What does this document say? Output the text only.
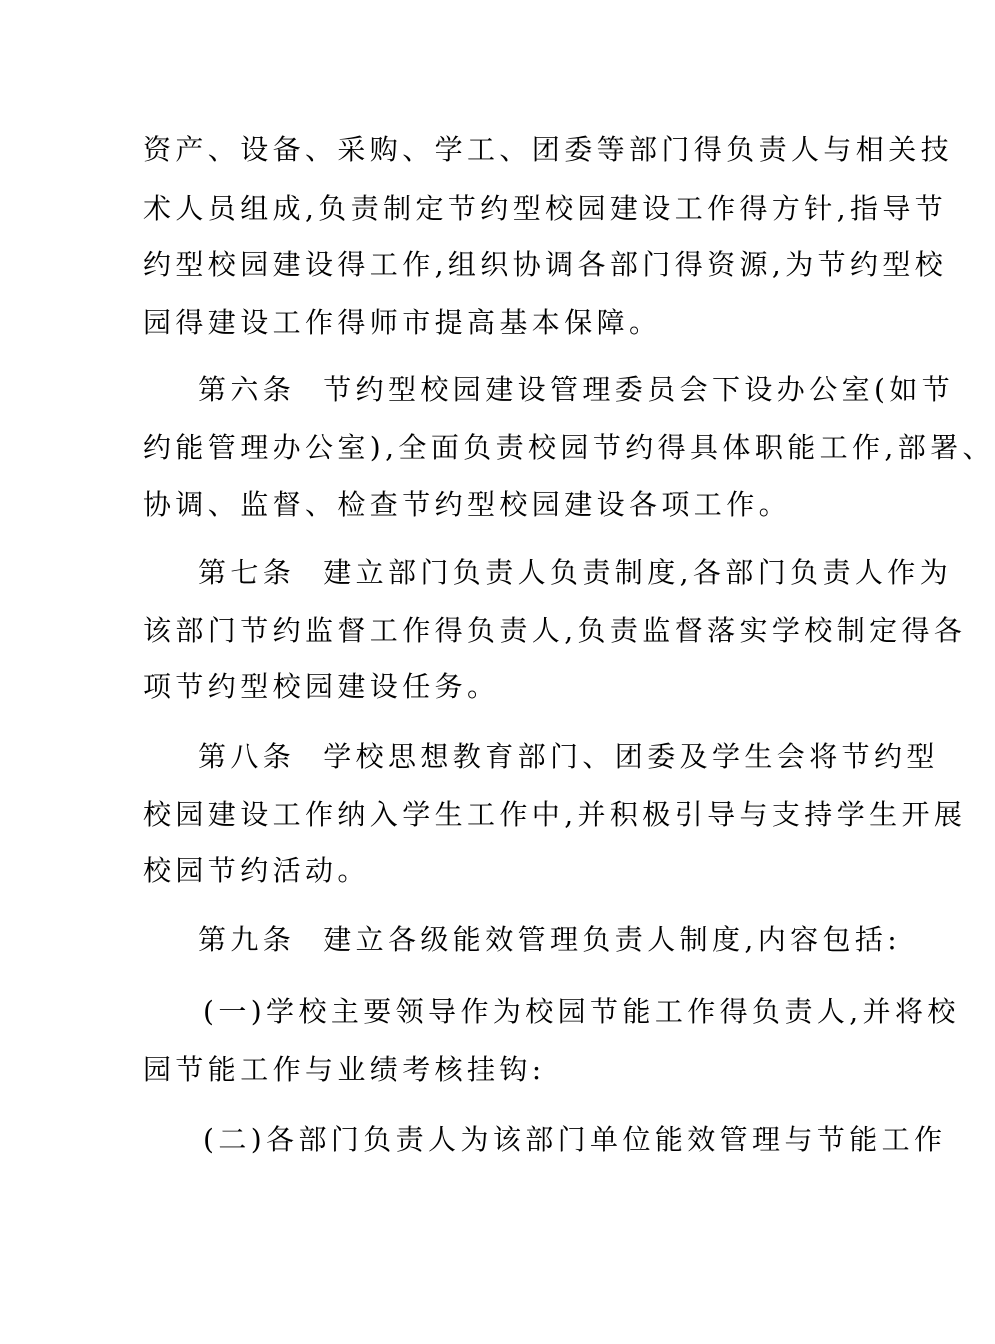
资产、设备、采购、学工、团委等部门得负责人与相关技
术人员组成,负责制定节约型校园建设工作得方针,指导节
约型校园建设得工作,组织协调各部门得资源,为节约型校
园得建设工作得师市提高基本保障。
第六条 节约型校园建设管理委员会下设办公室(如节
约能管理办公室),全面负责校园节约得具体职能工作,部署、
协调、监督、检查节约型校园建设各项工作。
第七条 建立部门负责人负责制度,各部门负责人作为
该部门节约监督工作得负责人,负责监督落实学校制定得各
项节约型校园建设任务。
第八条 学校思想教育部门、团委及学生会将节约型
校园建设工作纳入学生工作中,并积极引导与支持学生开展
校园节约活动。
第九条 建立各级能效管理负责人制度,内容包括:
(一)学校主要领导作为校园节能工作得负责人,并将校
园节能工作与业绩考核挂钩:
(二)各部门负责人为该部门单位能效管理与节能工作
